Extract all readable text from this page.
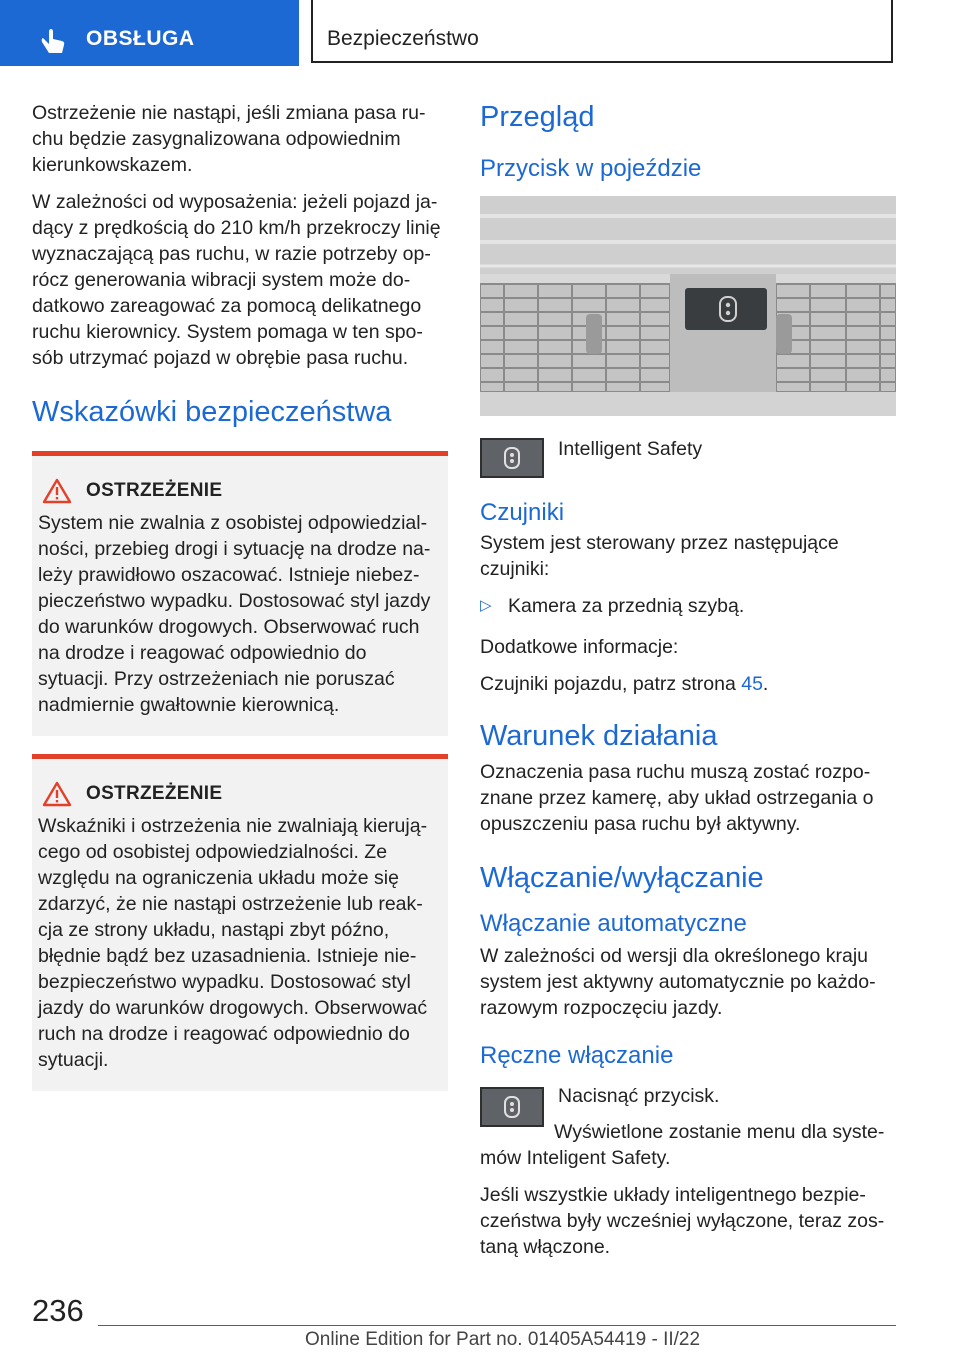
OBSŁUGA	Bezpieczeństwo

Ostrzeżenie nie nastąpi, jeśli zmiana pasa ru- chu będzie zasygnalizowana odpowiednim kierunkowskazem.

W zależności od wyposażenia: jeżeli pojazd ja- dący z prędkością do 210 km/h przekroczy linię wyznaczającą pas ruchu, w razie potrzeby op- rócz generowania wibracji system może do- datkowo zareagować za pomocą delikatnego ruchu kierownicy. System pomaga w ten spo- sób utrzymać pojazd w obrębie pasa ruchu.

Wskazówki bezpieczeństwa
OSTRZEŻENIE

System nie zwalnia z osobistej odpowiedzial- ności, przebieg drogi i sytuację na drodze na- leży prawidłowo oszacować. Istnieje niebez- pieczeństwo wypadku. Dostosować styl jazdy do warunków drogowych. Obserwować ruch na drodze i reagować odpowiednio do sytuacji. Przy ostrzeżeniach nie poruszać nadmiernie gwałtownie kierownicą.

OSTRZEŻENIE

Wskaźniki i ostrzeżenia nie zwalniają kierują- cego od osobistej odpowiedzialności. Ze względu na ograniczenia układu może się zdarzyć, że nie nastąpi ostrzeżenie lub reak- cja ze strony układu, nastąpi zbyt późno, błędnie bądź bez uzasadnienia. Istnieje nie- bezpieczeństwo wypadku. Dostosować styl jazdy do warunków drogowych. Obserwować ruch na drodze i reagować odpowiednio do sytuacji.

Przegląd
Przycisk w pojeździe

Intelligent Safety

Czujniki

System jest sterowany przez następujące czujniki:

▷ Kamera za przednią szybą.

Dodatkowe informacje:

Czujniki pojazdu, patrz strona 45.

Warunek działania

Oznaczenia pasa ruchu muszą zostać rozpo- znane przez kamerę, aby układ ostrzegania o opuszczeniu pasa ruchu był aktywny.

Włączanie/wyłączanie
Włączanie automatyczne

W zależności od wersji dla określonego kraju system jest aktywny automatycznie po każdo- razowym rozpoczęciu jazdy.

Ręczne włączanie

Nacisnąć przycisk.

Wyświetlone zostanie menu dla syste- mów Inteligent Safety.

Jeśli wszystkie układy inteligentnego bezpie- czeństwa były wcześniej wyłączone, teraz zos- taną włączone.

236
Online Edition for Part no. 01405A54419 - II/22
